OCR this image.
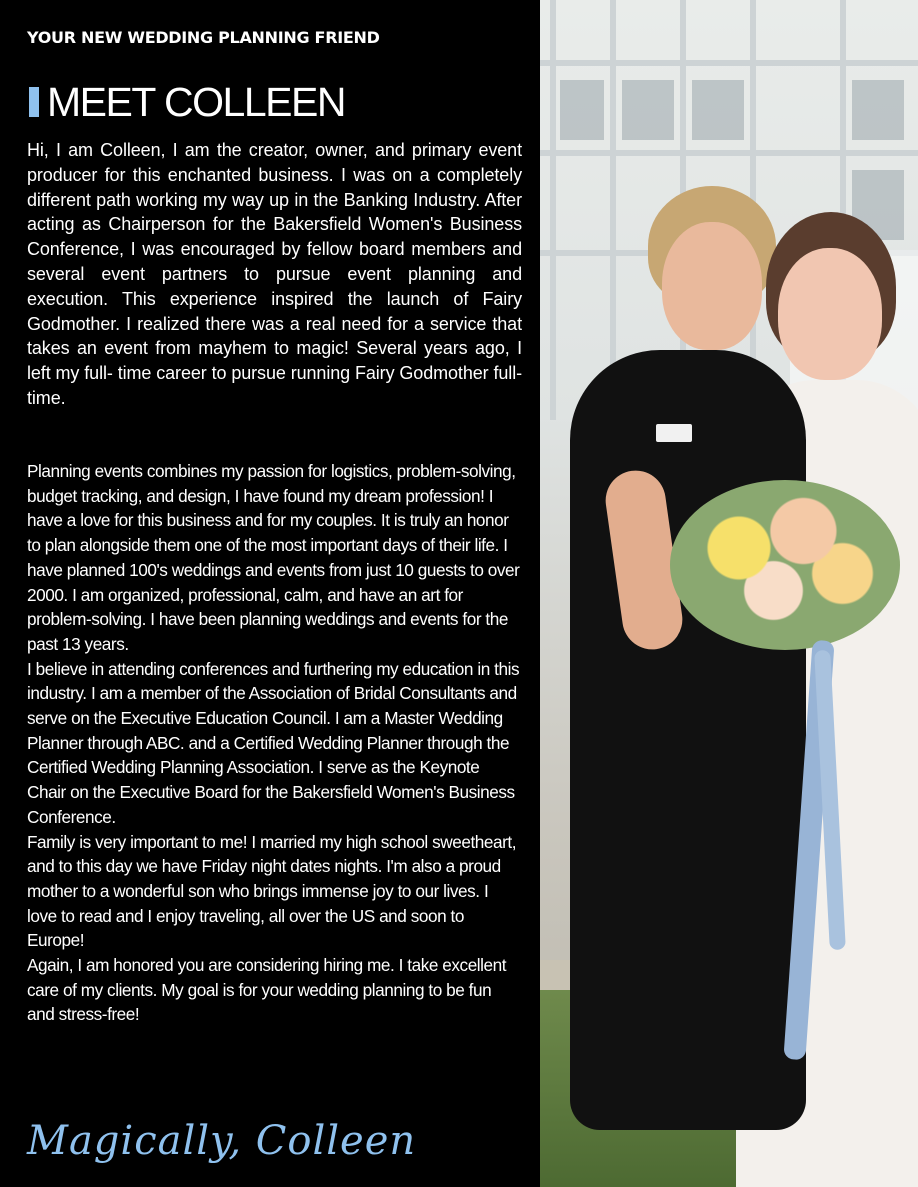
YOUR NEW WEDDING PLANNING FRIEND
MEET COLLEEN
Hi, I am Colleen, I am the creator, owner, and primary event producer for this enchanted business. I was on a completely different path working my way up in the Banking Industry. After acting as Chairperson for the Bakersfield Women's Business Conference, I was encouraged by fellow board members and several event partners to pursue event planning and execution. This experience inspired the launch of Fairy Godmother. I realized there was a real need for a service that takes an event from mayhem to magic! Several years ago, I left my full- time career to pursue running Fairy Godmother full- time.

Planning events combines my passion for logistics, problem-solving, budget tracking, and design, I have found my dream profession! I have a love for this business and for my couples. It is truly an honor to plan alongside them one of the most important days of their life. I have planned 100's weddings and events from just 10 guests to over 2000. I am organized, professional, calm, and have an art for problem-solving. I have been planning weddings and events for the past 13 years.

I believe in attending conferences and furthering my education in this industry. I am a member of the Association of Bridal Consultants and serve on the Executive Education Council. I am a Master Wedding Planner through ABC. and a Certified Wedding Planner through the Certified Wedding Planning Association. I serve as the Keynote Chair on the Executive Board for the Bakersfield Women's Business Conference.

Family is very important to me! I married my high school sweetheart, and to this day we have Friday night dates nights. I'm also a proud mother to a wonderful son who brings immense joy to our lives. I love to read and I enjoy traveling, all over the US and soon to Europe!

Again, I am honored you are considering hiring me. I take excellent care of my clients. My goal is for your wedding planning to be fun and stress-free!

Magically, Colleen
